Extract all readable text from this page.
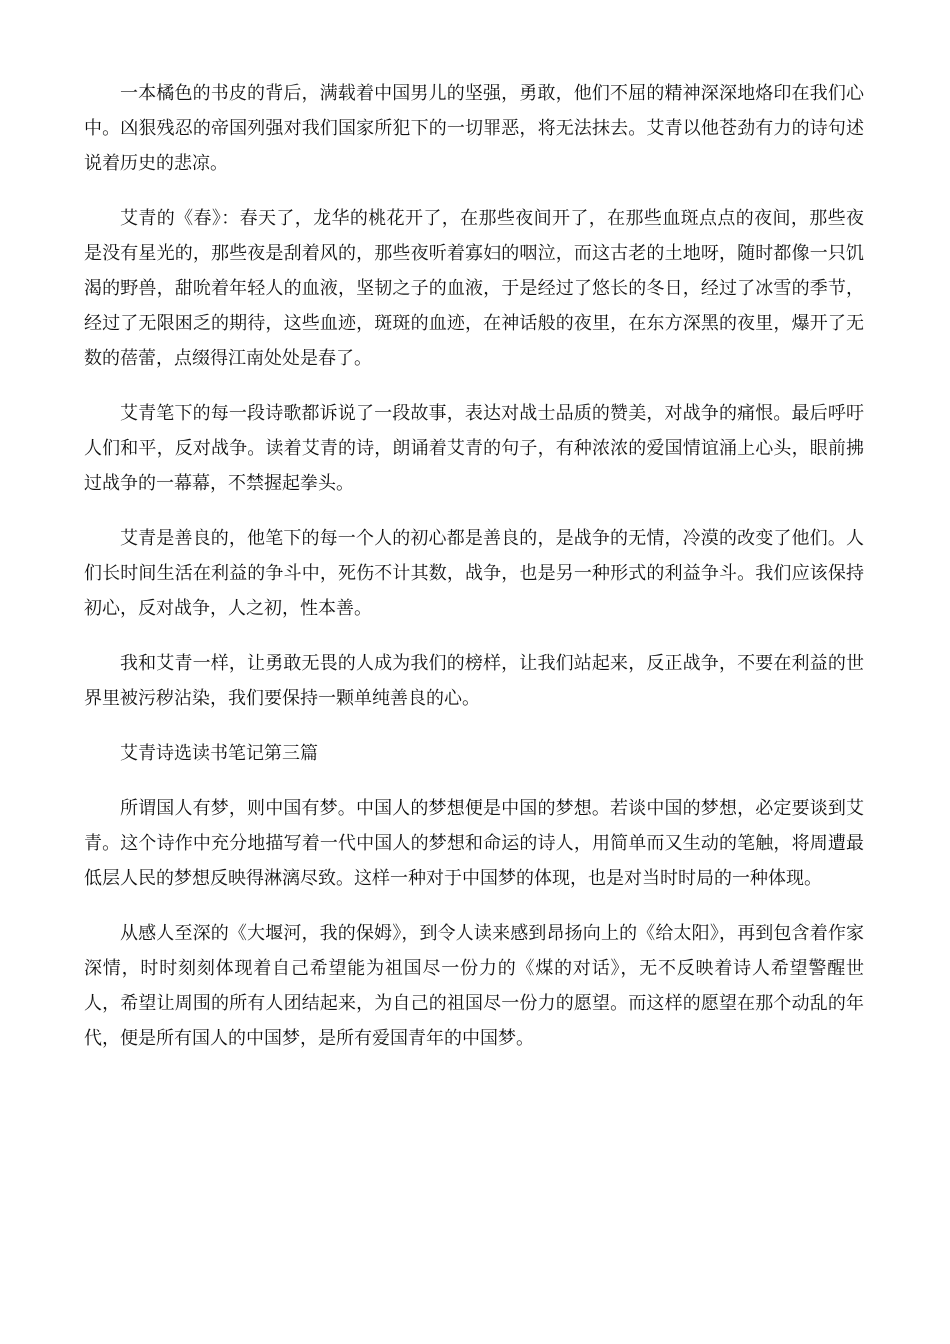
一本橘色的书皮的背后，满载着中国男儿的坚强，勇敢，他们不屈的精神深深地烙印在我们心中。凶狠残忍的帝国列强对我们国家所犯下的一切罪恶，将无法抹去。艾青以他苍劲有力的诗句述说着历史的悲凉。

艾青的《春》：春天了，龙华的桃花开了，在那些夜间开了，在那些血斑点点的夜间，那些夜是没有星光的，那些夜是刮着风的，那些夜听着寡妇的咽泣，而这古老的土地呀，随时都像一只饥渴的野兽，甜吮着年轻人的血液，坚韧之子的血液，于是经过了悠长的冬日，经过了冰雪的季节，经过了无限困乏的期待，这些血迹，斑斑的血迹，在神话般的夜里，在东方深黑的夜里，爆开了无数的蓓蕾，点缀得江南处处是春了。

艾青笔下的每一段诗歌都诉说了一段故事，表达对战士品质的赞美，对战争的痛恨。最后呼吁人们和平，反对战争。读着艾青的诗，朗诵着艾青的句子，有种浓浓的爱国情谊涌上心头，眼前拂过战争的一幕幕，不禁握起拳头。

艾青是善良的，他笔下的每一个人的初心都是善良的，是战争的无情，冷漠的改变了他们。人们长时间生活在利益的争斗中，死伤不计其数，战争，也是另一种形式的利益争斗。我们应该保持初心，反对战争，人之初，性本善。

我和艾青一样，让勇敢无畏的人成为我们的榜样，让我们站起来，反正战争，不要在利益的世界里被污秽沾染，我们要保持一颗单纯善良的心。

艾青诗选读书笔记第三篇

所谓国人有梦，则中国有梦。中国人的梦想便是中国的梦想。若谈中国的梦想，必定要谈到艾青。这个诗作中充分地描写着一代中国人的梦想和命运的诗人，用简单而又生动的笔触，将周遭最低层人民的梦想反映得淋漓尽致。这样一种对于中国梦的体现，也是对当时时局的一种体现。

从感人至深的《大堰河，我的保姆》，到令人读来感到昂扬向上的《给太阳》，再到包含着作家深情，时时刻刻体现着自己希望能为祖国尽一份力的《煤的对话》，无不反映着诗人希望警醒世人，希望让周围的所有人团结起来，为自己的祖国尽一份力的愿望。而这样的愿望在那个动乱的年代，便是所有国人的中国梦，是所有爱国青年的中国梦。
